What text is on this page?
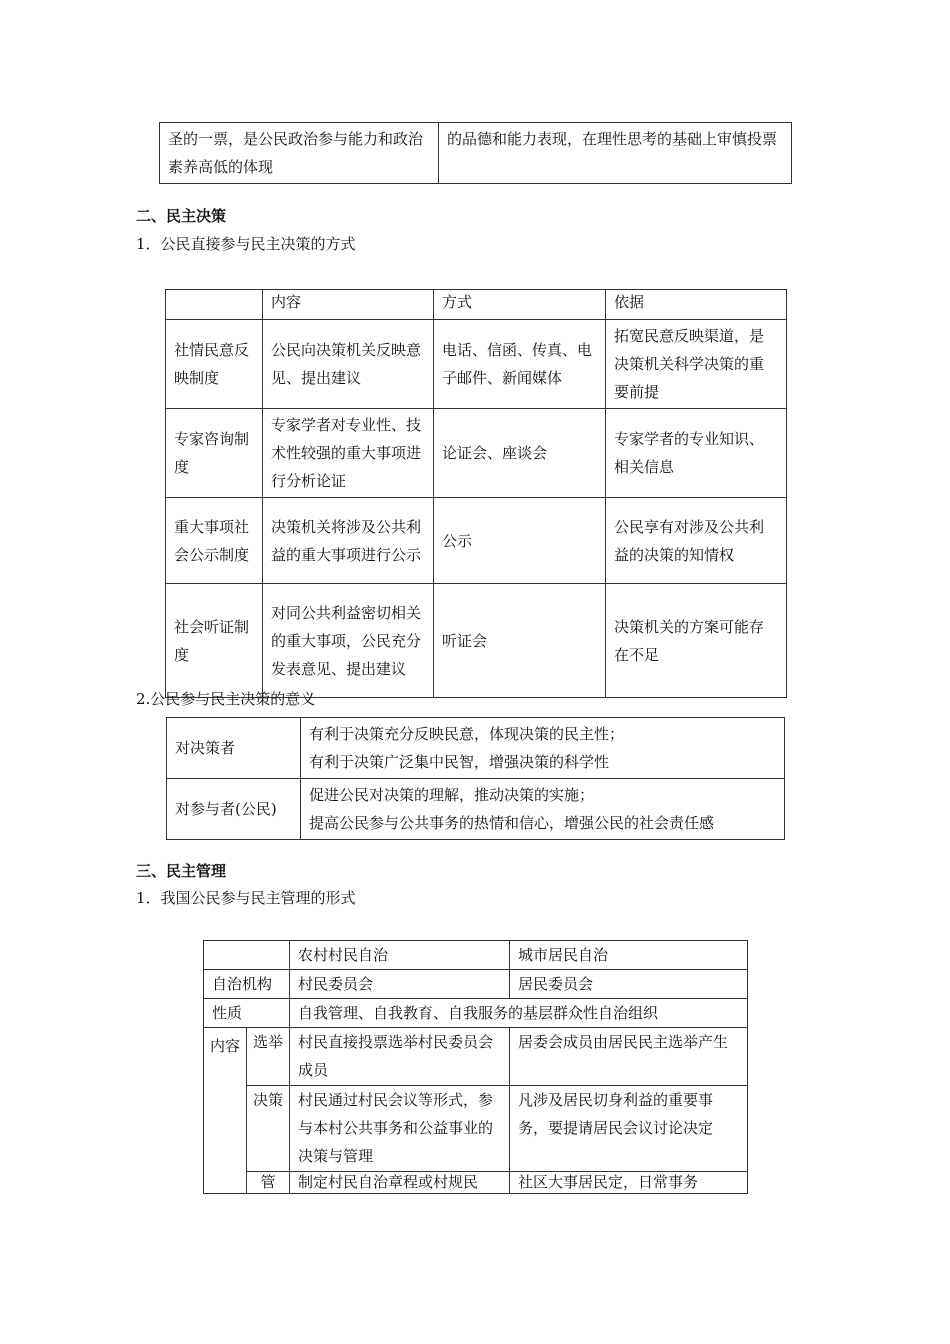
圣的一票，是公民政治参与能力和政治素养高低的体现	的品德和能力表现，在理性思考的基础上审慎投票
二、民主决策
1．公民直接参与民主决策的方式
	内容	方式	依据
社情民意反映制度	公民向决策机关反映意见、提出建议	电话、信函、传真、电子邮件、新闻媒体	拓宽民意反映渠道，是决策机关科学决策的重要前提
专家咨询制度	专家学者对专业性、技术性较强的重大事项进行分析论证	论证会、座谈会	专家学者的专业知识、相关信息
重大事项社会公示制度	决策机关将涉及公共利益的重大事项进行公示	公示	公民享有对涉及公共利益的决策的知情权
社会听证制度	对同公共利益密切相关的重大事项，公民充分发表意见、提出建议	听证会	决策机关的方案可能存在不足
2.公民参与民主决策的意义
对决策者	有利于决策充分反映民意，体现决策的民主性；
有利于决策广泛集中民智，增强决策的科学性

对参与者(公民)	促进公民对决策的理解，推动决策的实施；
提高公民参与公共事务的热情和信心，增强公民的社会责任感
三、民主管理
1．我国公民参与民主管理的形式
		农村村民自治	城市居民自治
自治机构		村民委员会	居民委员会
性质		自我管理、自我教育、自我服务的基层群众性自治组织	
内容	选举	村民直接投票选举村民委员会成员	居委会成员由居民民主选举产生
	决策	村民通过村民会议等形式，参与本村公共事务和公益事业的决策与管理	凡涉及居民切身利益的重要事务，要提请居民会议讨论决定
	管	制定村民自治章程或村规民	社区大事居民定，日常事务
